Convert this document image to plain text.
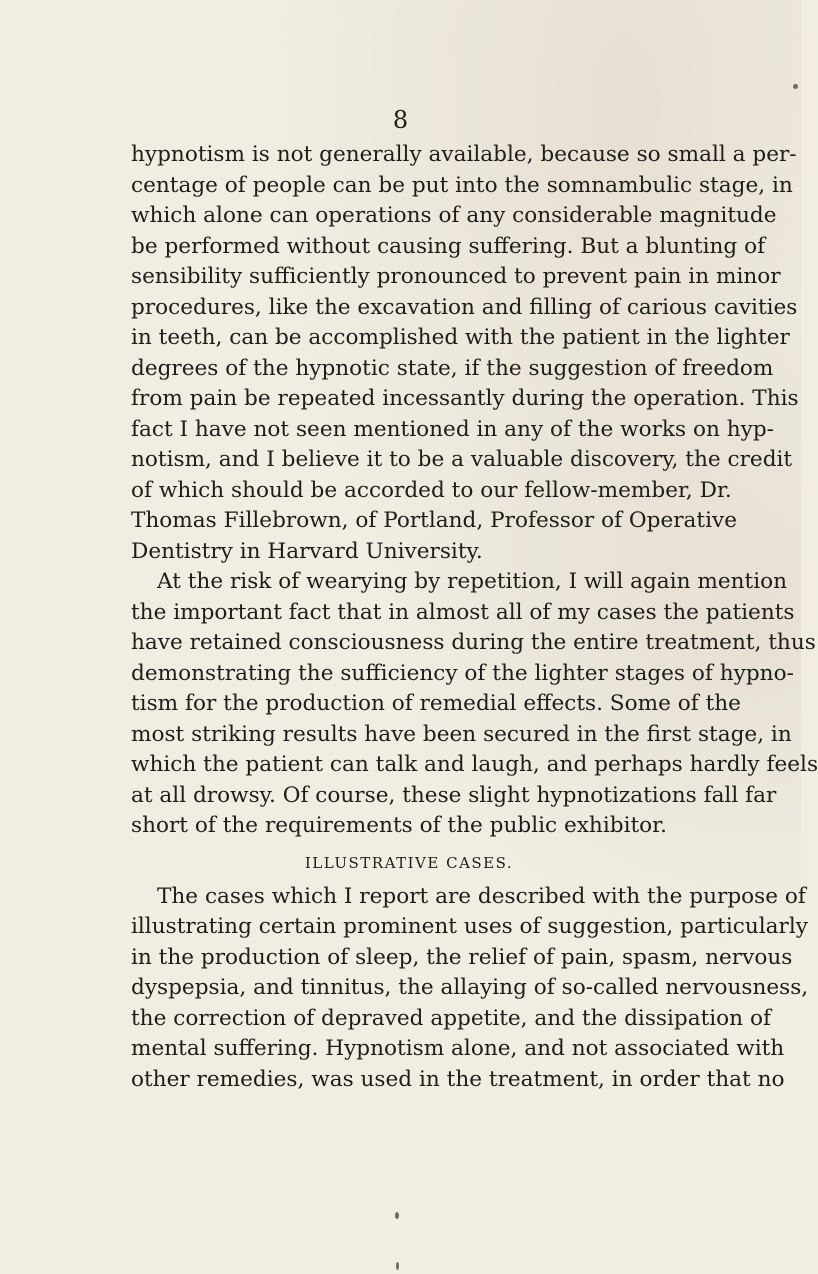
8

hypnotism is not generally available, because so small a per-
centage of people can be put into the somnambulic stage, in
which alone can operations of any considerable magnitude
be performed without causing suffering. But a blunting of
sensibility sufficiently pronounced to prevent pain in minor
procedures, like the excavation and filling of carious cavities
in teeth, can be accomplished with the patient in the lighter
degrees of the hypnotic state, if the suggestion of freedom
from pain be repeated incessantly during the operation. This
fact I have not seen mentioned in any of the works on hyp-
notism, and I believe it to be a valuable discovery, the credit
of which should be accorded to our fellow-member, Dr.
Thomas Fillebrown, of Portland, Professor of Operative
Dentistry in Harvard University.

At the risk of wearying by repetition, I will again mention
the important fact that in almost all of my cases the patients
have retained consciousness during the entire treatment, thus
demonstrating the sufficiency of the lighter stages of hypno-
tism for the production of remedial effects. Some of the
most striking results have been secured in the first stage, in
which the patient can talk and laugh, and perhaps hardly feels
at all drowsy. Of course, these slight hypnotizations fall far
short of the requirements of the public exhibitor.

ILLUSTRATIVE CASES.

The cases which I report are described with the purpose of
illustrating certain prominent uses of suggestion, particularly
in the production of sleep, the relief of pain, spasm, nervous
dyspepsia, and tinnitus, the allaying of so-called nervousness,
the correction of depraved appetite, and the dissipation of
mental suffering. Hypnotism alone, and not associated with
other remedies, was used in the treatment, in order that no
